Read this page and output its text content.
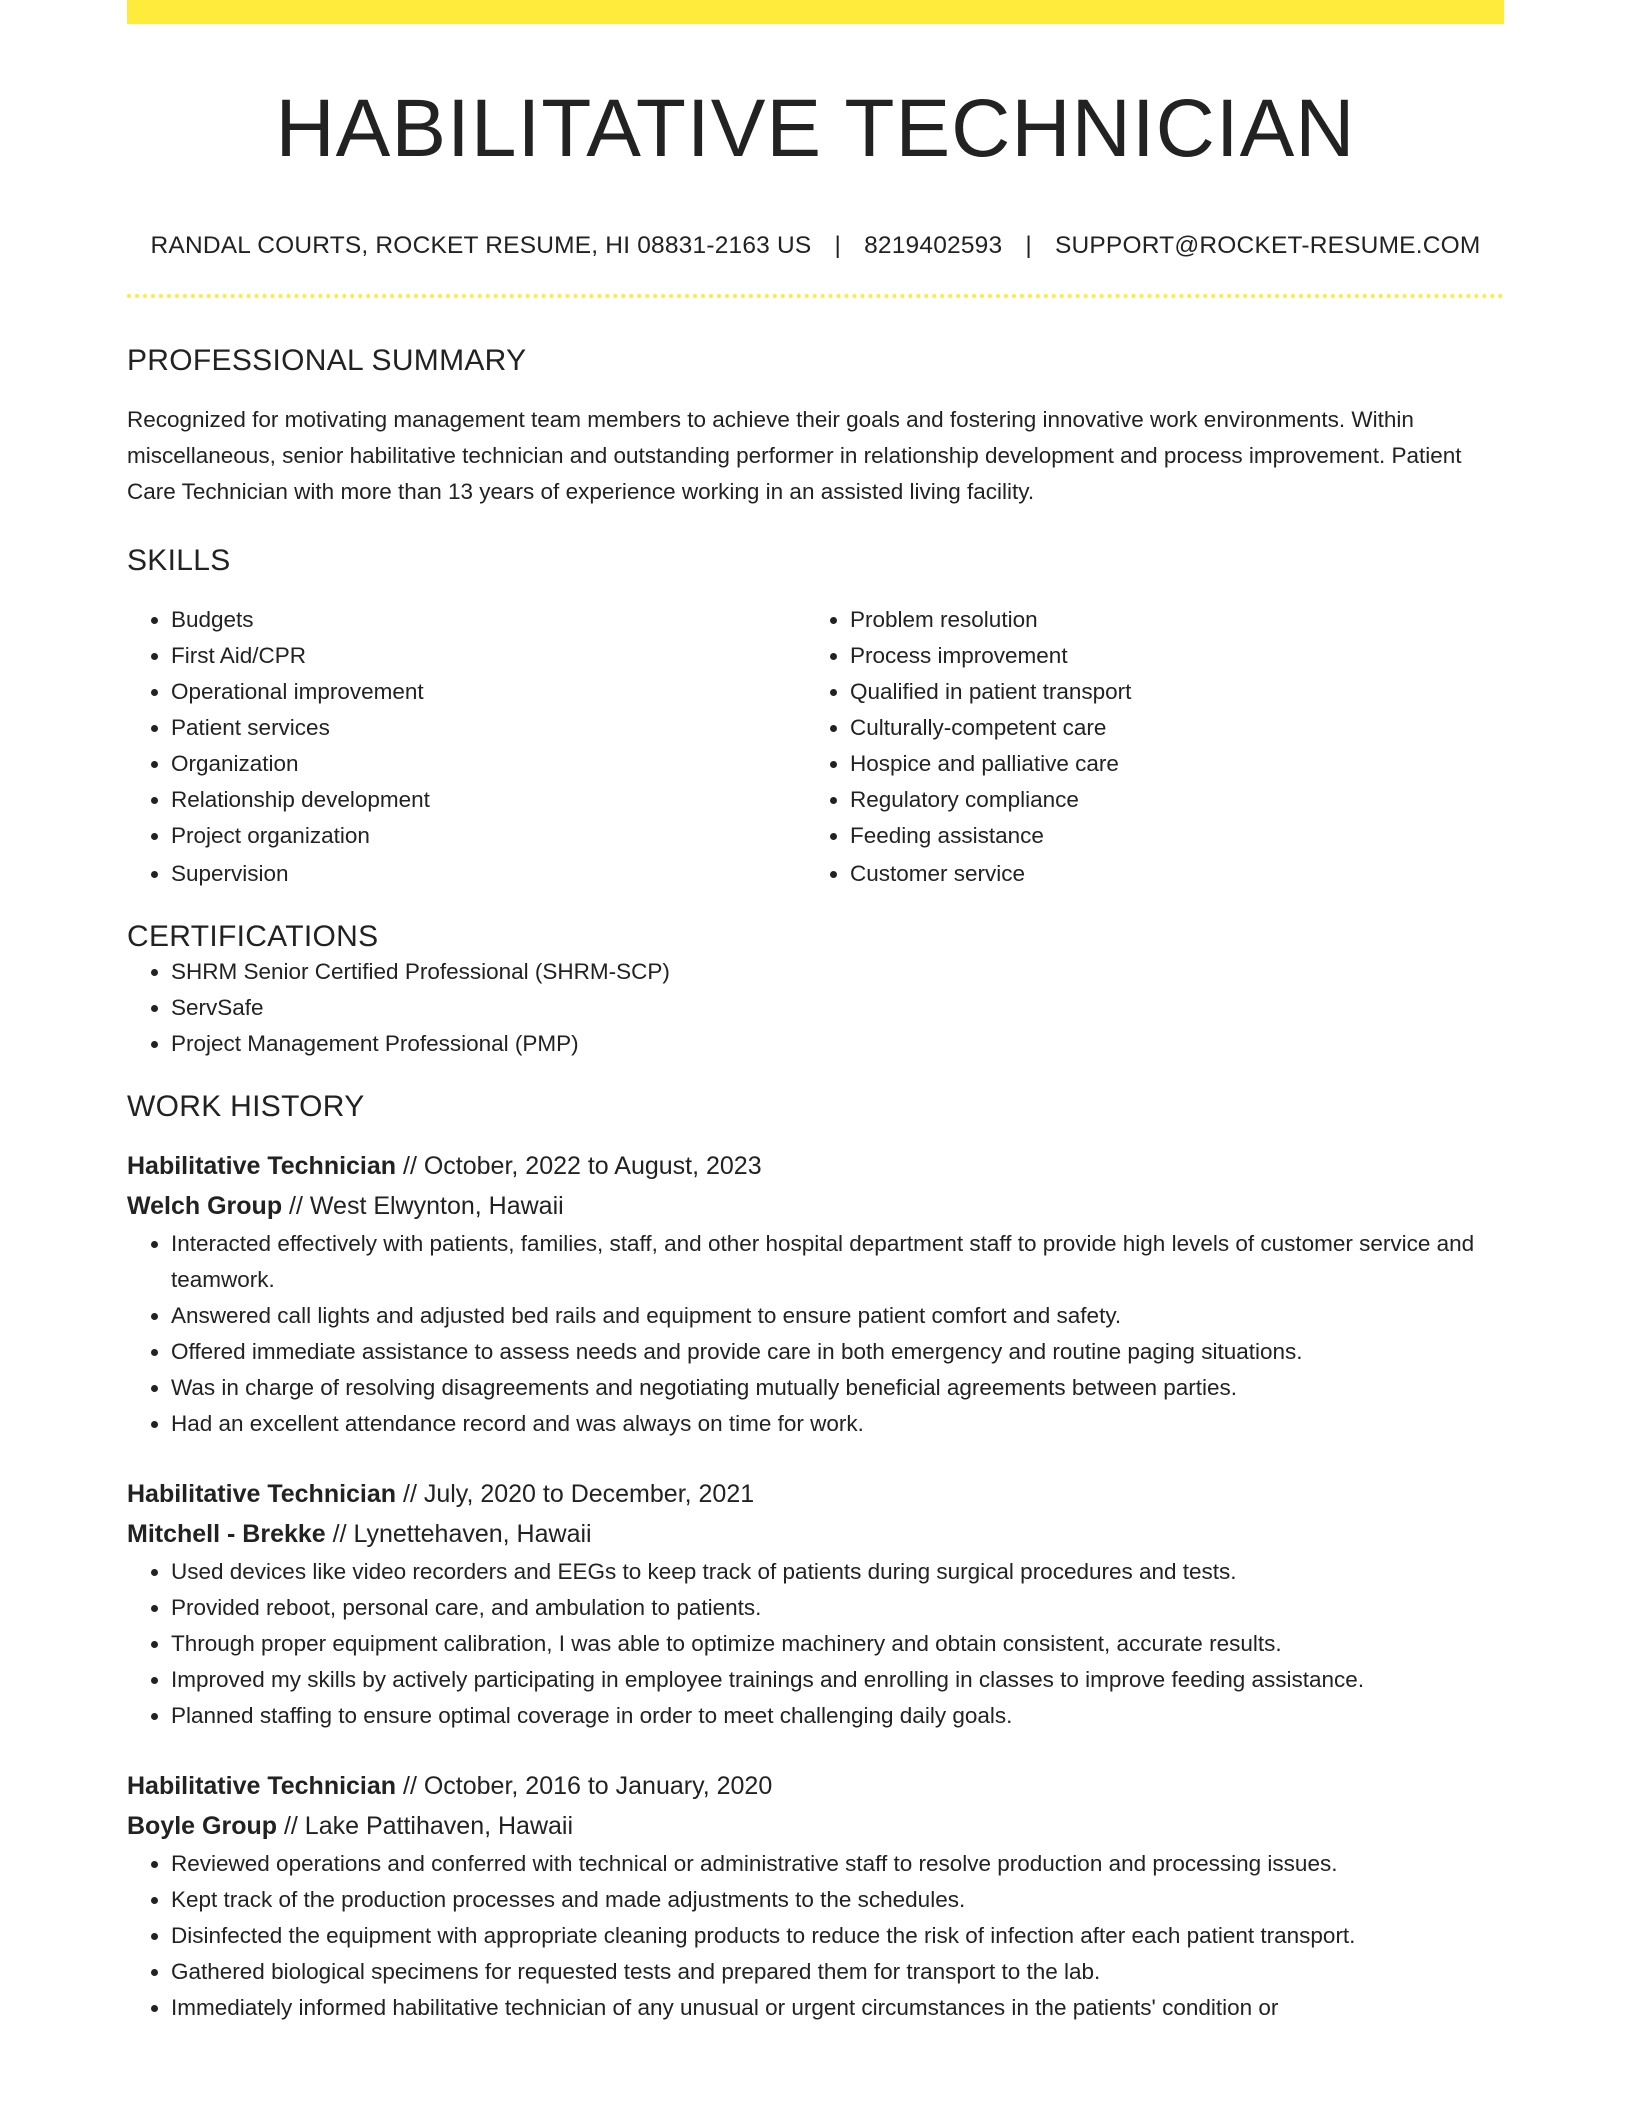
HABILITATIVE TECHNICIAN
RANDAL COURTS, ROCKET RESUME, HI 08831-2163 US | 8219402593 | SUPPORT@ROCKET-RESUME.COM
PROFESSIONAL SUMMARY
Recognized for motivating management team members to achieve their goals and fostering innovative work environments. Within miscellaneous, senior habilitative technician and outstanding performer in relationship development and process improvement. Patient Care Technician with more than 13 years of experience working in an assisted living facility.
SKILLS
• Budgets
• First Aid/CPR
• Operational improvement
• Patient services
• Organization
• Relationship development
• Project organization
• Supervision
• Problem resolution
• Process improvement
• Qualified in patient transport
• Culturally-competent care
• Hospice and palliative care
• Regulatory compliance
• Feeding assistance
• Customer service
CERTIFICATIONS
• SHRM Senior Certified Professional (SHRM-SCP)
• ServSafe
• Project Management Professional (PMP)
WORK HISTORY
Habilitative Technician // October, 2022 to August, 2023
Welch Group // West Elwynton, Hawaii
• Interacted effectively with patients, families, staff, and other hospital department staff to provide high levels of customer service and teamwork.
• Answered call lights and adjusted bed rails and equipment to ensure patient comfort and safety.
• Offered immediate assistance to assess needs and provide care in both emergency and routine paging situations.
• Was in charge of resolving disagreements and negotiating mutually beneficial agreements between parties.
• Had an excellent attendance record and was always on time for work.
Habilitative Technician // July, 2020 to December, 2021
Mitchell - Brekke // Lynettehaven, Hawaii
• Used devices like video recorders and EEGs to keep track of patients during surgical procedures and tests.
• Provided reboot, personal care, and ambulation to patients.
• Through proper equipment calibration, I was able to optimize machinery and obtain consistent, accurate results.
• Improved my skills by actively participating in employee trainings and enrolling in classes to improve feeding assistance.
• Planned staffing to ensure optimal coverage in order to meet challenging daily goals.
Habilitative Technician // October, 2016 to January, 2020
Boyle Group // Lake Pattihaven, Hawaii
• Reviewed operations and conferred with technical or administrative staff to resolve production and processing issues.
• Kept track of the production processes and made adjustments to the schedules.
• Disinfected the equipment with appropriate cleaning products to reduce the risk of infection after each patient transport.
• Gathered biological specimens for requested tests and prepared them for transport to the lab.
• Immediately informed habilitative technician of any unusual or urgent circumstances in the patients' condition or
